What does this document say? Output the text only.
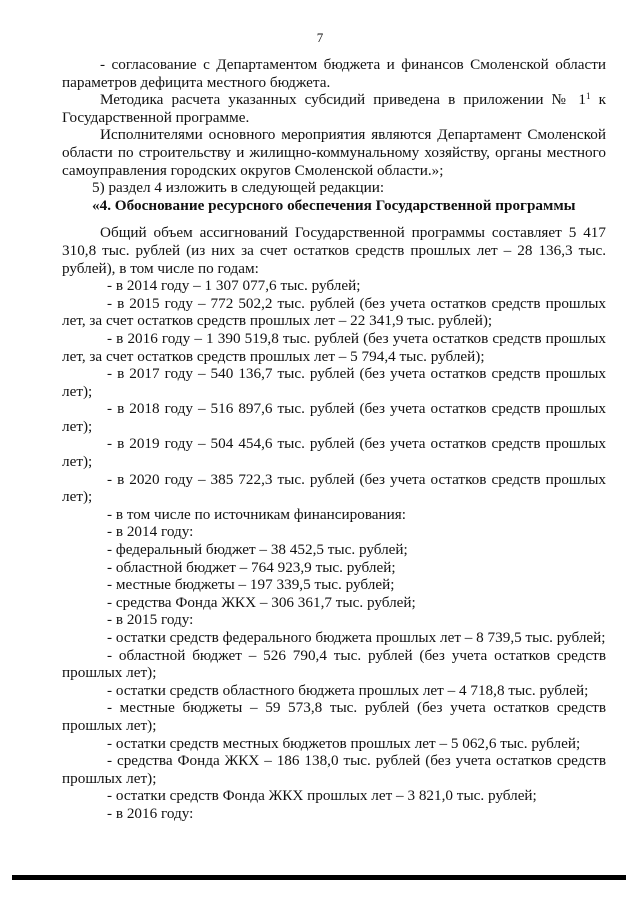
7

- согласование с Департаментом бюджета и финансов Смоленской области параметров дефицита местного бюджета.

Методика расчета указанных субсидий приведена в приложении № $1^1$ к Государственной программе.

Исполнителями основного мероприятия являются Департамент Смоленской области по строительству и жилищно-коммунальному хозяйству, органы местного самоуправления городских округов Смоленской области.»;

5) раздел 4 изложить в следующей редакции:

«4. Обоснование ресурсного обеспечения Государственной программы

Общий объем ассигнований Государственной программы составляет 5 417 310,8 тыс. рублей (из них за счет остатков средств прошлых лет – 28 136,3 тыс. рублей), в том числе по годам:

- в 2014 году – 1 307 077,6 тыс. рублей;

- в 2015 году – 772 502,2 тыс. рублей (без учета остатков средств прошлых лет, за счет остатков средств прошлых лет – 22 341,9 тыс. рублей);

- в 2016 году – 1 390 519,8 тыс. рублей (без учета остатков средств прошлых лет, за счет остатков средств прошлых лет – 5 794,4 тыс. рублей);

- в 2017 году – 540 136,7 тыс. рублей (без учета остатков средств прошлых лет);

- в 2018 году – 516 897,6 тыс. рублей (без учета остатков средств прошлых лет);

- в 2019 году – 504 454,6 тыс. рублей (без учета остатков средств прошлых лет);

- в 2020 году – 385 722,3 тыс. рублей (без учета остатков средств прошлых лет);

- в том числе по источникам финансирования:

- в 2014 году:

- федеральный бюджет – 38 452,5 тыс. рублей;

- областной бюджет – 764 923,9 тыс. рублей;

- местные бюджеты – 197 339,5 тыс. рублей;

- средства Фонда ЖКХ – 306 361,7 тыс. рублей;

- в 2015 году:

- остатки средств федерального бюджета прошлых лет – 8 739,5 тыс. рублей;

- областной бюджет – 526 790,4 тыс. рублей (без учета остатков средств прошлых лет);

- остатки средств областного бюджета прошлых лет – 4 718,8 тыс. рублей;

- местные бюджеты – 59 573,8 тыс. рублей (без учета остатков средств прошлых лет);

- остатки средств местных бюджетов прошлых лет – 5 062,6 тыс. рублей;

- средства Фонда ЖКХ – 186 138,0 тыс. рублей (без учета остатков средств прошлых лет);

- остатки средств Фонда ЖКХ прошлых лет – 3 821,0 тыс. рублей;

- в 2016 году:
